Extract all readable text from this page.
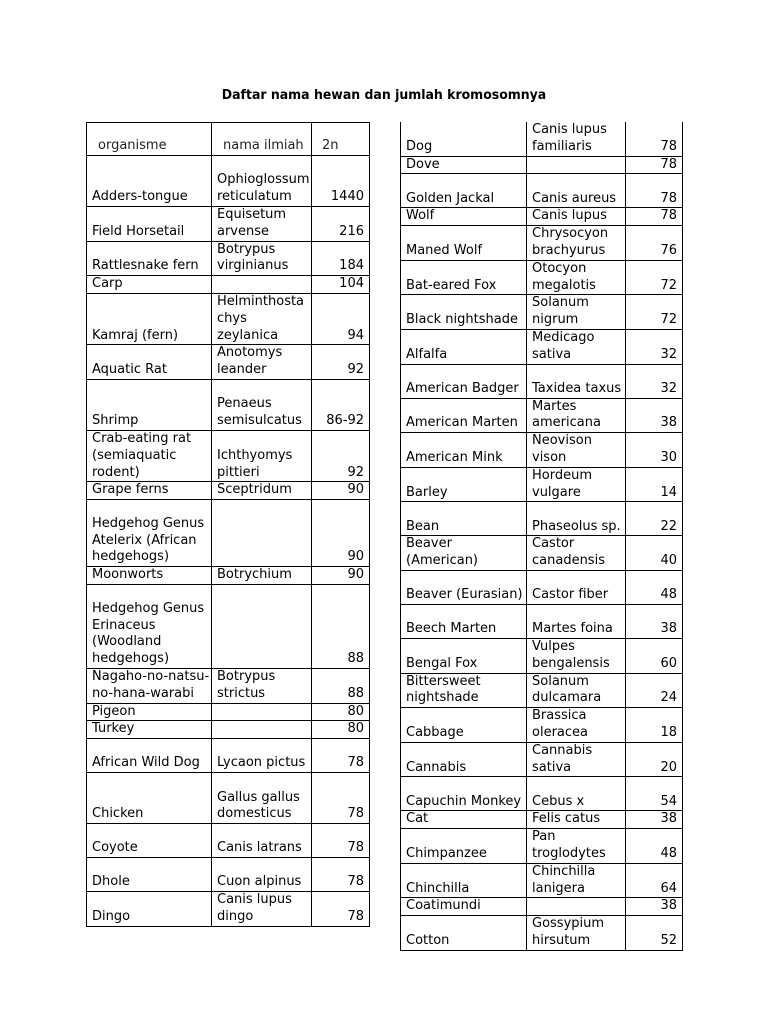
Daftar nama hewan dan jumlah kromosomnya
organisme	nama ilmiah	2n
Adders-tongue	Ophioglossum reticulatum	1440
Field Horsetail	Equisetum arvense	216
Rattlesnake fern	Botrypus virginianus	184
Carp		104
Kamraj (fern)	Helminthostachys zeylanica	94
Aquatic Rat	Anotomys leander	92
Shrimp	Penaeus semisulcatus	86-92
Crab-eating rat (semiaquatic rodent)	Ichthyomys pittieri	92
Grape ferns	Sceptridum	90
Hedgehog Genus Atelerix (African hedgehogs)		90
Moonworts	Botrychium	90
Hedgehog Genus Erinaceus (Woodland hedgehogs)		88
Nagaho-no-natsu-no-hana-warabi	Botrypus strictus	88
Pigeon		80
Turkey		80
African Wild Dog	Lycaon pictus	78
Chicken	Gallus gallus domesticus	78
Coyote	Canis latrans	78
Dhole	Cuon alpinus	78
Dingo	Canis lupus dingo	78
Dog	Canis lupus familiaris	78
Dove		78
Golden Jackal	Canis aureus	78
Wolf	Canis lupus	78
Maned Wolf	Chrysocyon brachyurus	76
Bat-eared Fox	Otocyon megalotis	72
Black nightshade	Solanum nigrum	72
Alfalfa	Medicago sativa	32
American Badger	Taxidea taxus	32
American Marten	Martes americana	38
American Mink	Neovison vison	30
Barley	Hordeum vulgare	14
Bean	Phaseolus sp.	22
Beaver (American)	Castor canadensis	40
Beaver (Eurasian)	Castor fiber	48
Beech Marten	Martes foina	38
Bengal Fox	Vulpes bengalensis	60
Bittersweet nightshade	Solanum dulcamara	24
Cabbage	Brassica oleracea	18
Cannabis	Cannabis sativa	20
Capuchin Monkey	Cebus x	54
Cat	Felis catus	38
Chimpanzee	Pan troglodytes	48
Chinchilla	Chinchilla lanigera	64
Coatimundi		38
Cotton	Gossypium hirsutum	52
